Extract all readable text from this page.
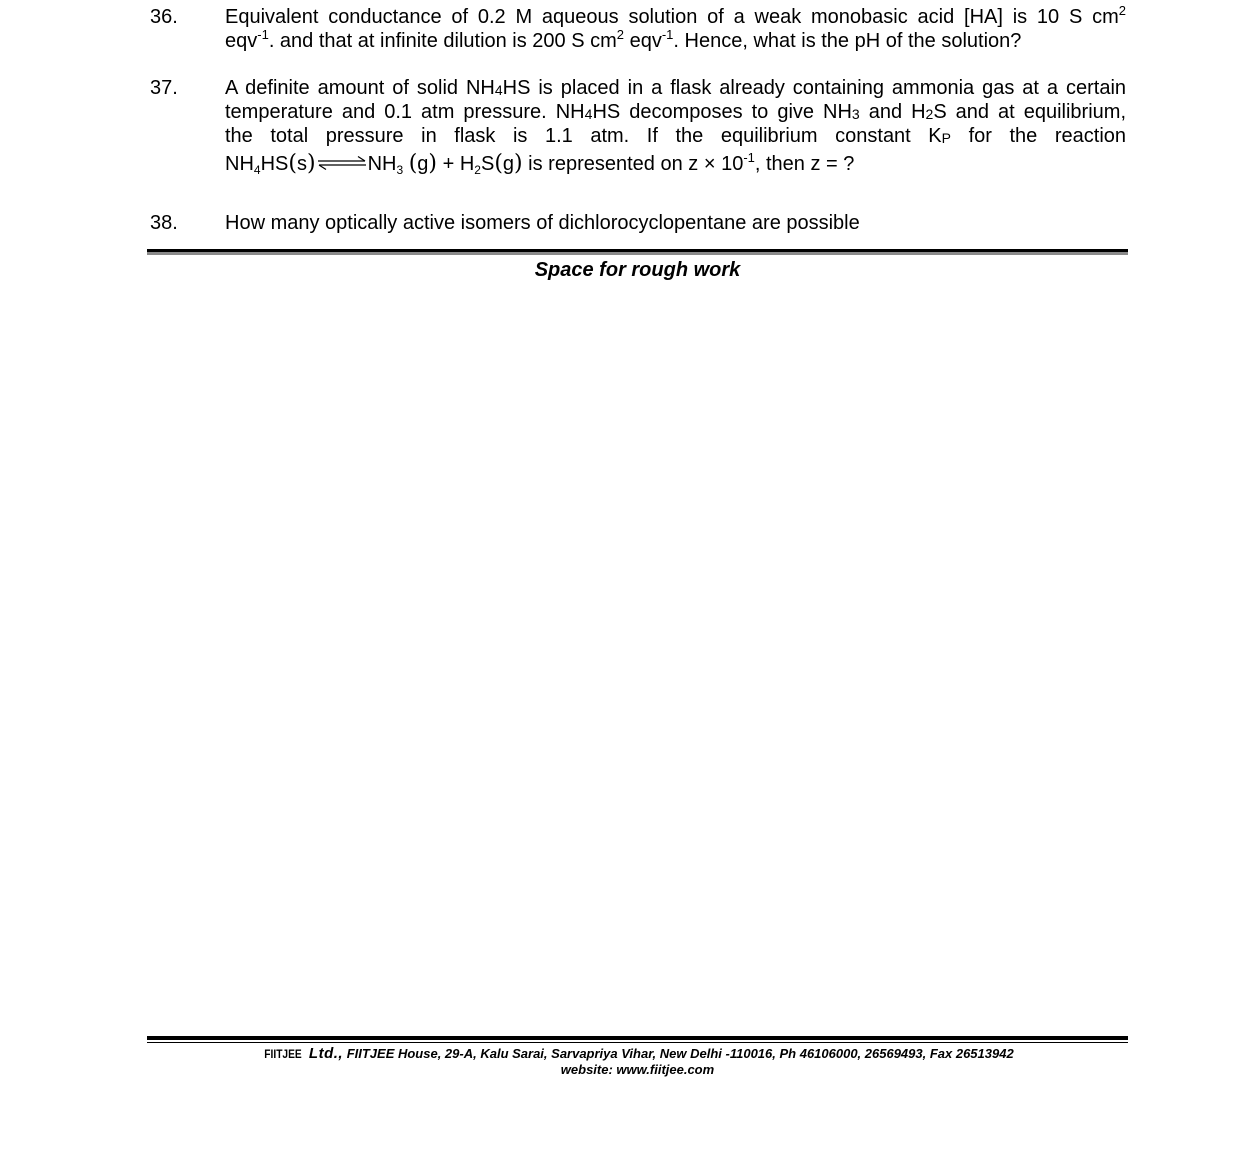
36.	Equivalent conductance of 0.2 M aqueous solution of a weak monobasic acid [HA] is 10 S $cm^2$
eqv$^{-1}$. and that at infinite dilution is 200 S $cm^2$ eqv$^{-1}$. Hence, what is the pH of the solution?
37.	A definite amount of solid NH4HS is placed in a flask already containing ammonia gas at a certain
temperature and 0.1 atm pressure. NH4HS decomposes to give NH3 and H2S and at equilibrium,
the total pressure in flask is 1.1 atm. If the equilibrium constant KP for the reaction
$NH_4HS(s)\rightleftharpoons NH_3$ $(g) + H_2S(g)$ is represented on $z \times 10^{-1}$, then z = ?
38.	How many optically active isomers of dichlorocyclopentane are possible
Space for rough work
FIITJEE Ltd., FIITJEE House, 29-A, Kalu Sarai, Sarvapriya Vihar, New Delhi -110016, Ph 46106000, 26569493, Fax 26513942
website: www.fiitjee.com
